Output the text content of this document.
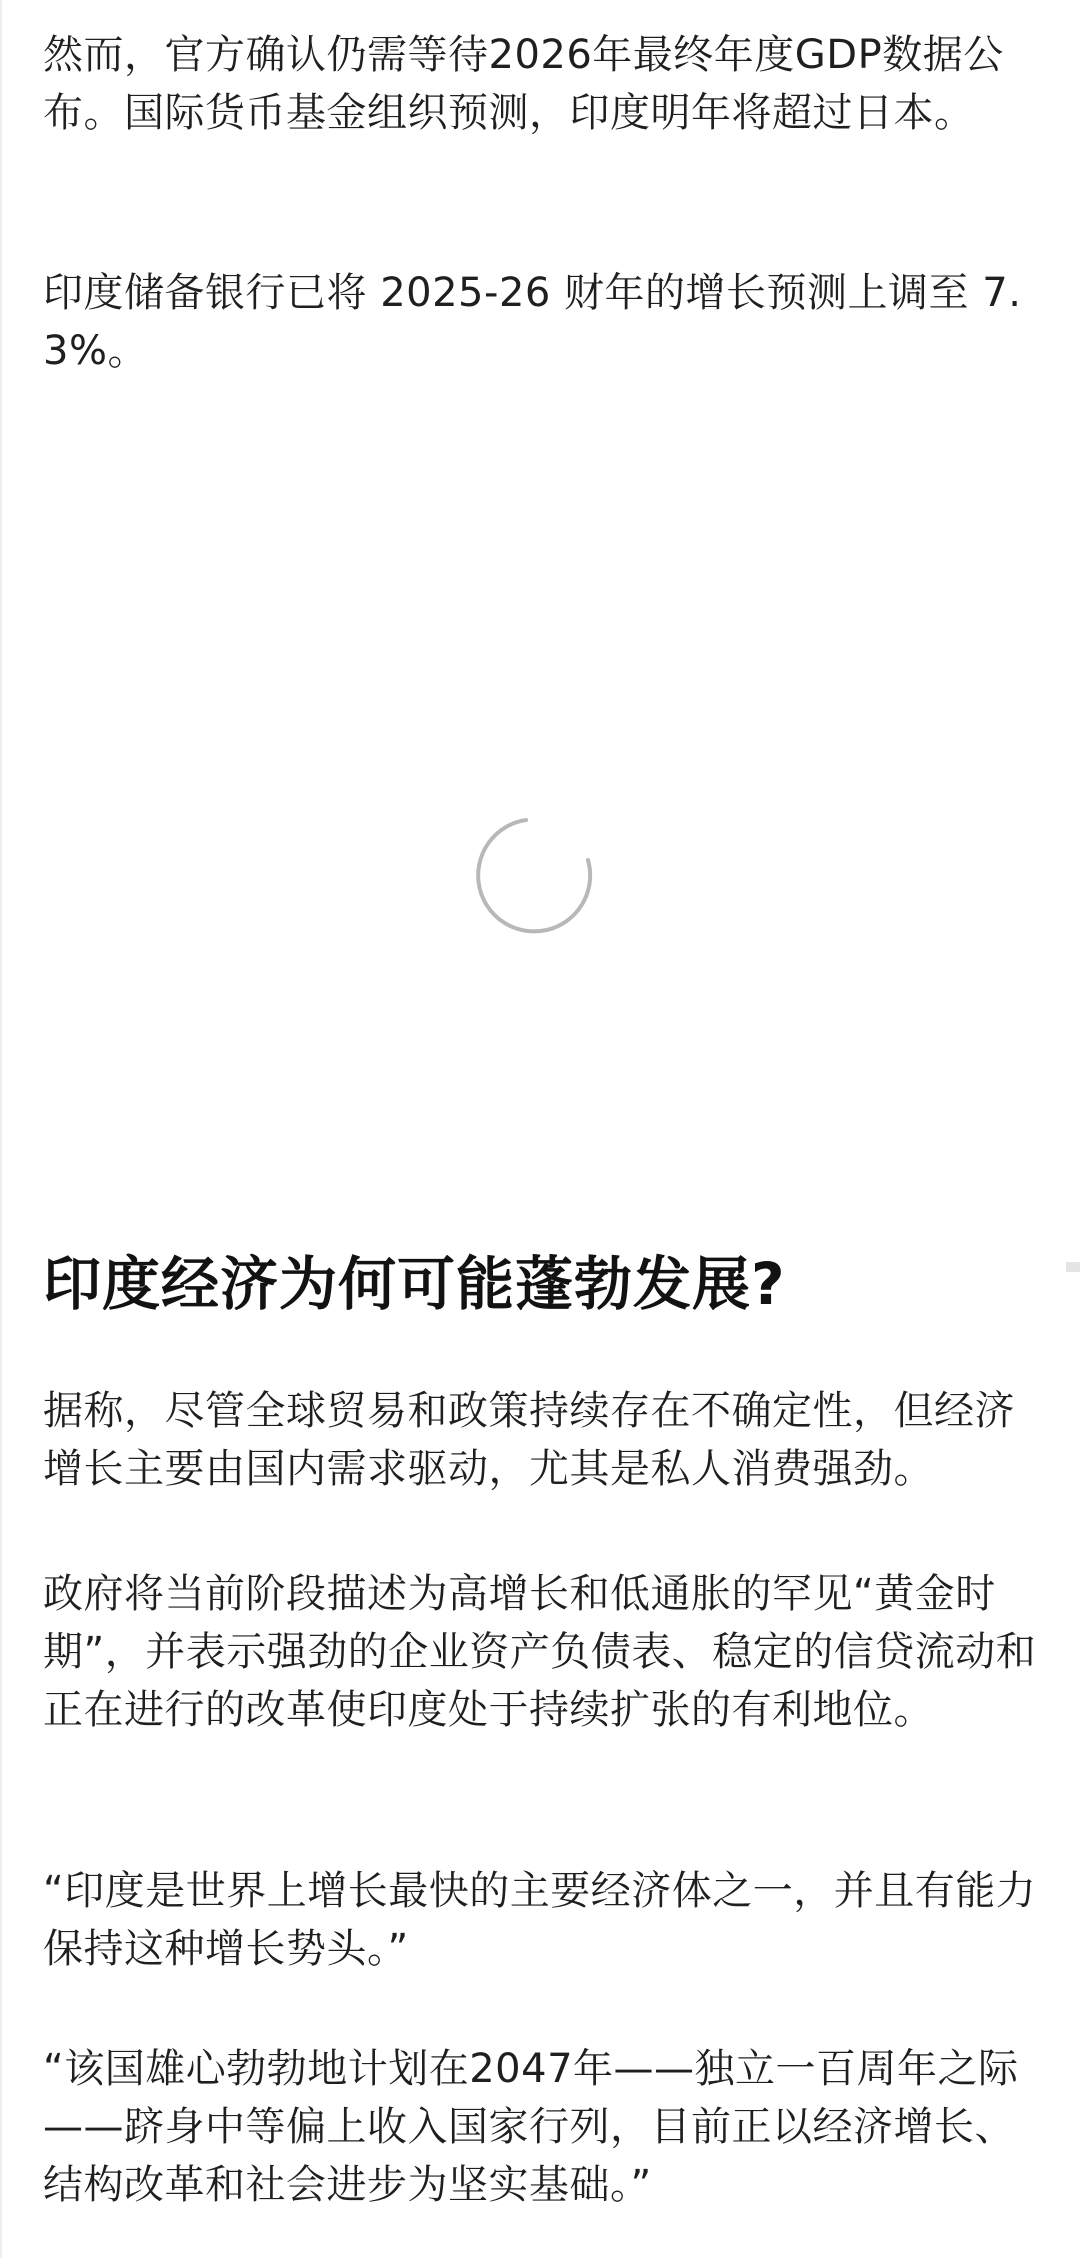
然而，官方确认仍需等待2026年最终年度GDP数据公布。国际货币基金组织预测，印度明年将超过日本。

印度储备银行已将 2025-26 财年的增长预测上调至 7.3%。

印度经济为何可能蓬勃发展?

据称，尽管全球贸易和政策持续存在不确定性，但经济增长主要由国内需求驱动，尤其是私人消费强劲。

政府将当前阶段描述为高增长和低通胀的罕见“黄金时期”，并表示强劲的企业资产负债表、稳定的信贷流动和正在进行的改革使印度处于持续扩张的有利地位。

“印度是世界上增长最快的主要经济体之一，并且有能力保持这种增长势头。”

“该国雄心勃勃地计划在2047年——独立一百周年之际——跻身中等偏上收入国家行列，目前正以经济增长、结构改革和社会进步为坚实基础。”
